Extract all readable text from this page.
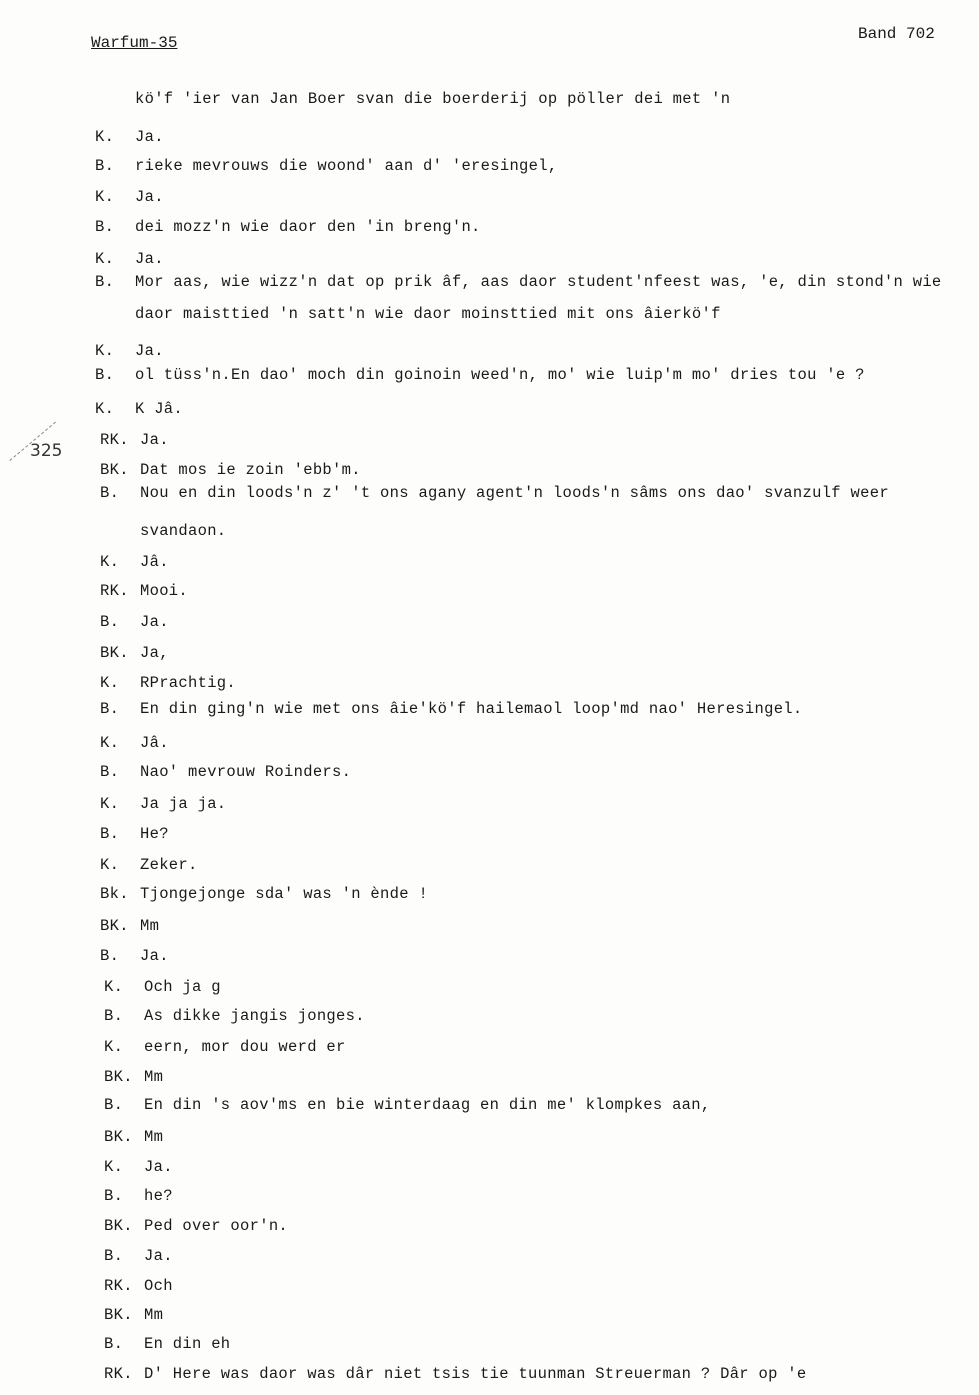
Warfum-35	Band 702
325
kö'f 'ier van Jan Boer svan die boerderij op pöller dei met 'n
K. Ja.
B. rieke mevrouws die woond' aan d' 'eresingel,
K. Ja.
B. dei mozz'n wie daor den 'in breng'n.
K. Ja.
B. Mor aas, wie wizz'n dat op prik âf, aas daor student'nfeest was, 'e, din stond'n wie
daor maisttied 'n satt'n wie daor moinsttied mit ons âierkö'f
K. Ja.
B. ol tüss'n.En dao' moch din goinoin weed'n, mo' wie luip'm mo' dries tou 'e ?
K. K Jâ.
RK. Ja.
BK. Dat mos ie zoin 'ebb'm.
B. Nou en din loods'n z' 't ons agany agent'n loods'n sâms ons dao' svanzulf weer
svandaon.
K. Jâ.
RK. Mooi.
B. Ja.
BK. Ja,
K. RPrachtig.
B. En din ging'n wie met ons âie'kö'f hailemaol loop'md nao' Heresingel.
K. Jâ.
B. Nao' mevrouw Roinders.
K. Ja ja ja.
B. He?
K. Zeker.
Bk. Tjongejonge sda' was 'n ènde !
BK. Mm
B. Ja.
K. Och ja g
B. As dikke jangis jonges.
K. eern, mor dou werd er
BK. Mm
B. En din 's aov'ms en bie winterdaag en din me' klompkes aan,
BK. Mm
K. Ja.
B. he?
BK. Ped over oor'n.
B. Ja.
RK. Och
BK. Mm
B. En din eh
RK. D' Here was daor was dâr niet tsis tie tuunman Streuerman ? Dâr op 'e
